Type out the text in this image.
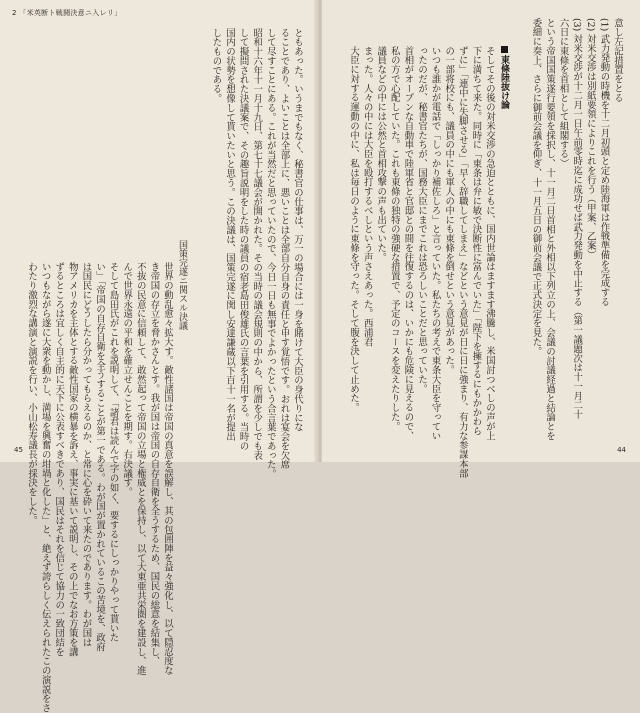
2 「米英断ト戦闘決意ニ入レリ」
ともあった。いうまでもなく、秘書官の仕事は、万一の場合には一身を賭けて大臣の身代りにな
ることであり、よいことは全部上に、悪いことは全部自分自身の責任と申す覚悟です。おれは宴会を欠席
して尽すことにある。これが当然だと思っていたので、今日一日も無事でよかったという合言葉であった。
昭和十六年十一月十九日、第七十七議会が開かれた。その当時の議会規則の中から、所謂を少しでも表
して擬問された決議案で、その趣旨説明をした時の議員の宿老島田俊雄氏の言葉を引用する。当時の
国内の状勢を想像して貰いたいと思う。この決議は、国策完遂に関し安達謙蔵以下百十一名が提出
したものである。
国策完遂ニ関スル決議
世界の動乱愈々拡大す。敵性諸国は帝国の真意を誤解し、其の包囲陣を益々強化し、以て隠忍度な
き帝国の存立を脅かさんとす。我が国は帝国の自存自衛を全うするため、国民の総意を結集し、
不抜の民意に信頼して、敢然起って帝国の立場と権威とを保持し、以て大東亜共栄圏を建設し、進
んで世界永遠の平和を確立せんことを期す。右決議す。
そして島田氏がこれを説明して、「諸君は読んで字の如く、要するにしっかりやって貰いた
い」「帝国の自存自衛を全うすることが第一である。わが国が置かれているこの苦境を、政府
は国民にどうしたら分かってもらえるのか、と常に心を砕いて来たのであります。わが国は
物アメリカを主体とする敵性国家の横暴を訴え、事実に基いて説明し、その上でなお方策を講
ずるところは宜しく自主的に天下に公表すべきであり、国民はそれを信じて協力の一致団結を
いつもながら遂に大衆を動かし、満場を興奮の坩堝と化した」と、絶えず誇らしく伝えられたこの演説をさ
わたり激烈な講演と演説を行い、小山松寿議長が採決をした。
45
意し左記措置をとる
(1) 武力発動の時機を十二月初頭と定め陸海軍は作戦準備を完成する
(2) 対米交渉は別紙要領によりこれを行う（甲案、乙案）
(3) 対米交渉が十二月一日午前零時迄に成功せば武力発動を中止する（第一議題次は十一月二十
六日に東條を首相として組閣する）
という帝国国策遂行要領を採択し、十一月二日首相と外相以下列立の上、会議の討議経過と結論とを
委細に奏上、さらに御前会議を仰ぎ、十一月五日の御前会議で正式決定を見た。
東條陸抜け論
そしてその後の対米交渉の急迫とともに、国内世論はますます沸騰し、米国討つべしの声が上
下に満ちて来た。同時に「東条は弁に敏で決断性に富んでいた」「陛下を擁するにもかかわら
ずに」「連中に失脚させる」「早く辞職してしまえ」などという意見が日に日に強まり、有力な参謀本部
の一部将校にも、議員の中にも軍人の中にも東條を倒せという意見があった。
いつも誰かが電話で「しっかり補佐しろ」と言っていた。私たちの考えで東条大臣を守ってい
ったのだが、秘書官たちが、国務大臣にまでこれは恐ろしいことだと思っていた。
首相がオープンな自動車で陸軍省と官邸との間を往復するのは、いかにも危険に見えるので、
私の方で心配していた。これも東條の独特の強硬な措置で、予定のコースを変えたりした。
議員などの中には公然と首相攻撃の声も出ていた。
まった。人々の中には大臣を殴打するべしという声さえあった。西浦君
大臣に対する運動の中に、私は毎日のように東條を守った。そして腹を決して止めた。
44
